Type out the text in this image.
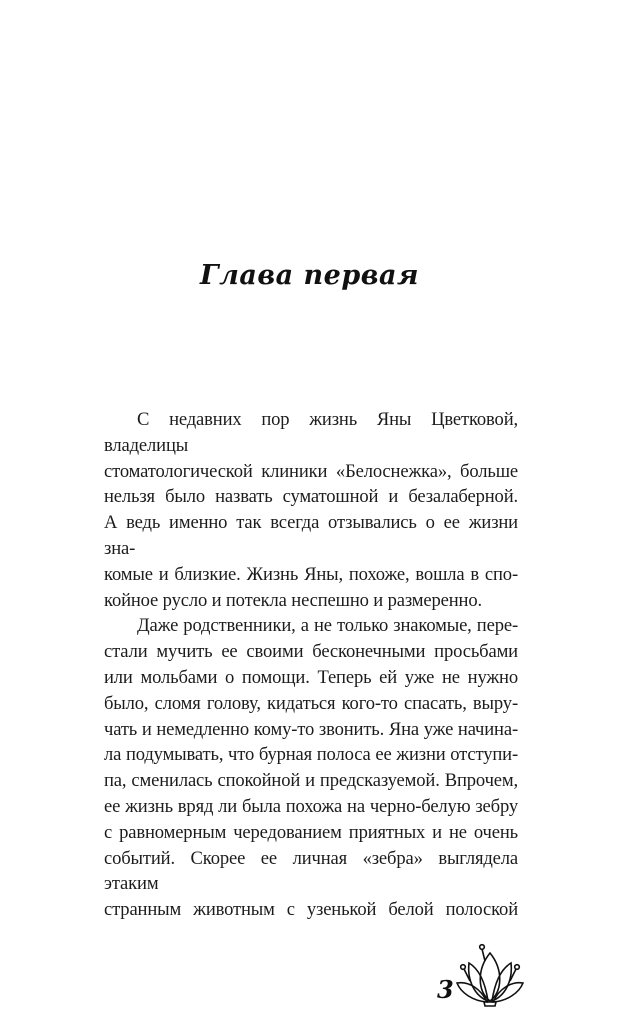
Глава первая
С недавних пор жизнь Яны Цветковой, владелицы
стоматологической клиники «Белоснежка», больше
нельзя было назвать суматошной и безалаберной.
А ведь именно так всегда отзывались о ее жизни зна-
комые и близкие. Жизнь Яны, похоже, вошла в спо-
койное русло и потекла неспешно и размеренно.
Даже родственники, а не только знакомые, пере-
стали мучить ее своими бесконечными просьбами
или мольбами о помощи. Теперь ей уже не нужно
было, сломя голову, кидаться кого-то спасать, выру-
чать и немедленно кому-то звонить. Яна уже начина-
ла подумывать, что бурная полоса ее жизни отступи-
па, сменилась спокойной и предсказуемой. Впрочем,
ее жизнь вряд ли была похожа на черно-белую зебру
с равномерным чередованием приятных и не очень
событий. Скорее ее личная «зебра» выглядела этаким
странным животным с узенькой белой полоской
3
